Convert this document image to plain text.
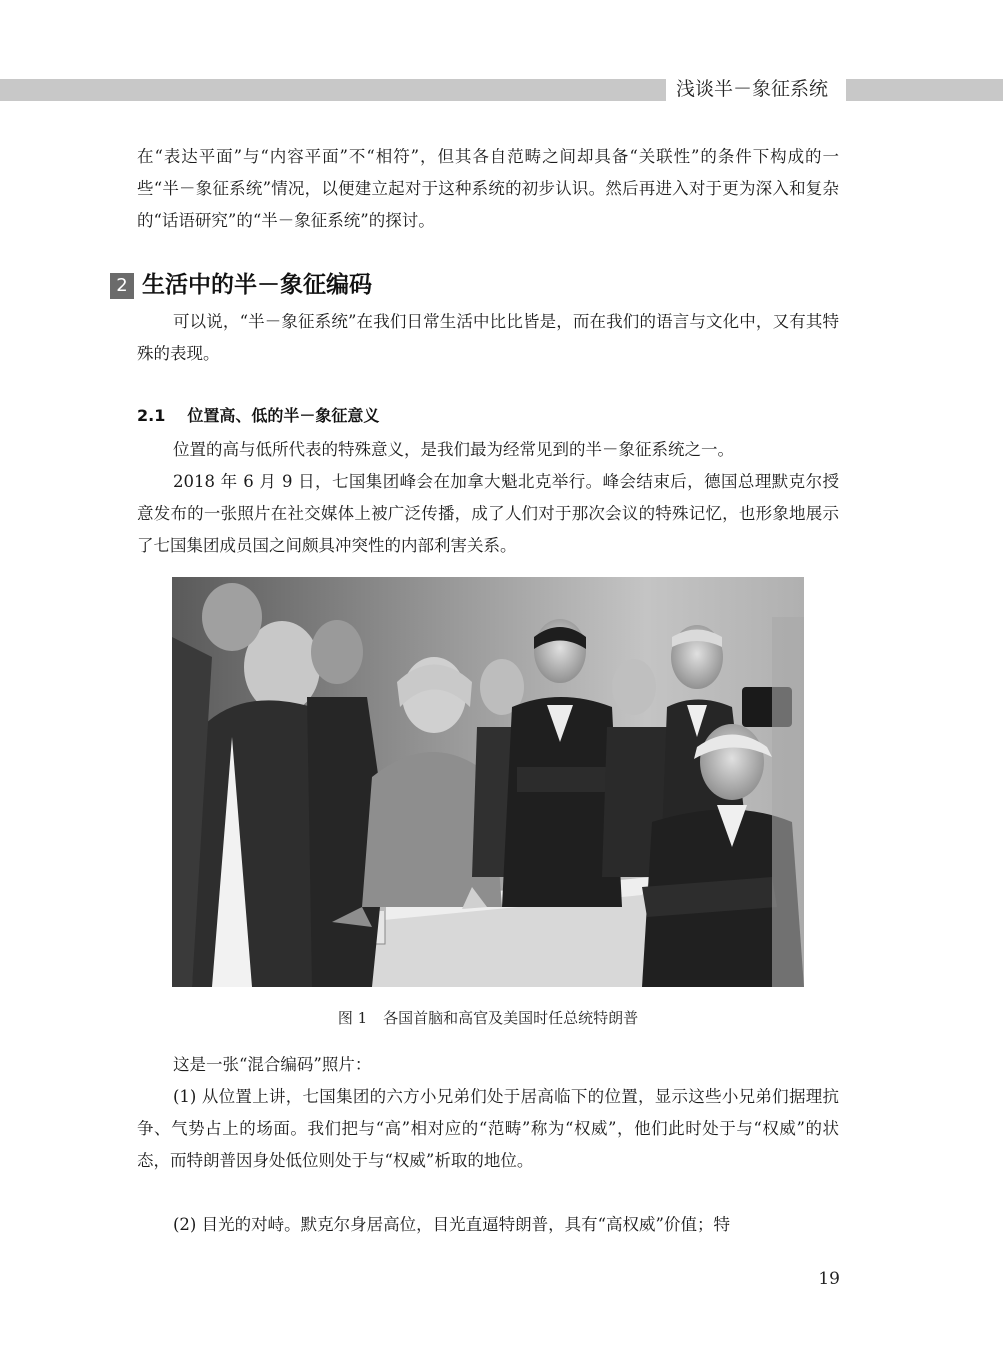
浅谈半－象征系统

在“表达平面”与“内容平面”不“相符”，但其各自范畴之间却具备“关联性”的条件下构成的一些“半－象征系统”情况，以便建立起对于这种系统的初步认识。然后再进入对于更为深入和复杂的“话语研究”的“半－象征系统”的探讨。

2 生活中的半－象征编码

可以说，“半－象征系统”在我们日常生活中比比皆是，而在我们的语言与文化中，又有其特殊的表现。

2.1 位置高、低的半－象征意义

位置的高与低所代表的特殊意义，是我们最为经常见到的半－象征系统之一。

2018 年 6 月 9 日，七国集团峰会在加拿大魁北克举行。峰会结束后，德国总理默克尔授意发布的一张照片在社交媒体上被广泛传播，成了人们对于那次会议的特殊记忆，也形象地展示了七国集团成员国之间颇具冲突性的内部利害关系。

图 1 各国首脑和高官及美国时任总统特朗普

这是一张“混合编码”照片：

(1) 从位置上讲，七国集团的六方小兄弟们处于居高临下的位置，显示这些小兄弟们据理抗争、气势占上的场面。我们把与“高”相对应的“范畴”称为“权威”，他们此时处于与“权威”的状态，而特朗普因身处低位则处于与“权威”析取的地位。

(2) 目光的对峙。默克尔身居高位，目光直逼特朗普，具有“高权威”价值；特

19
